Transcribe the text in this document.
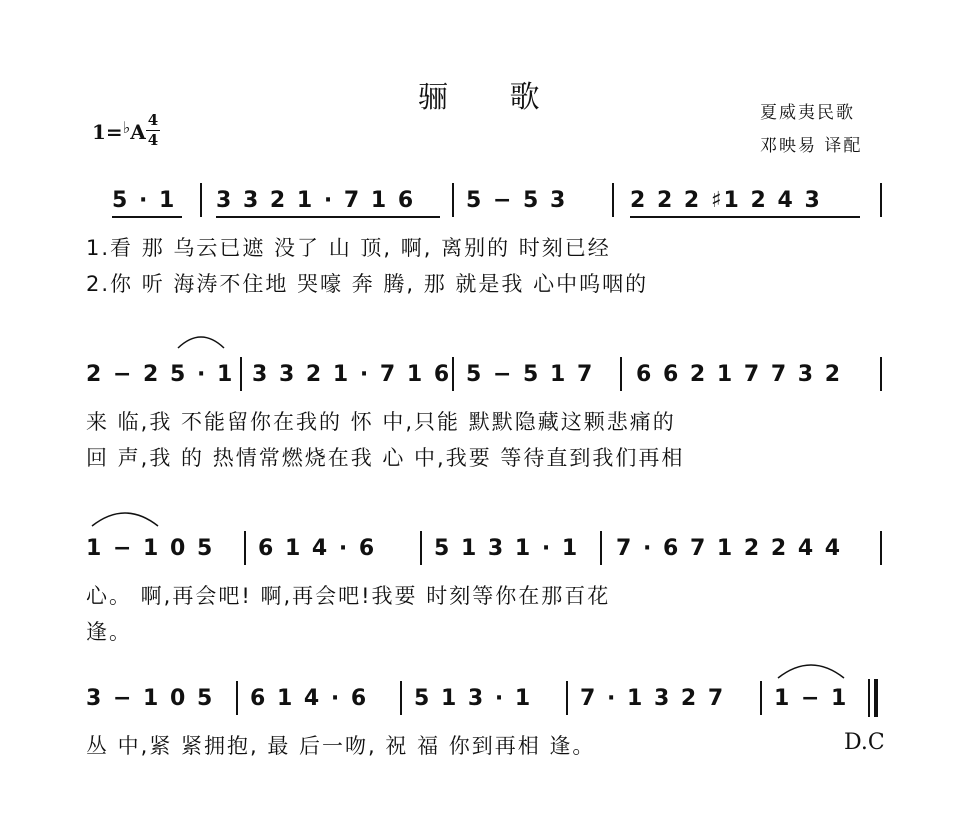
骊 歌	夏威夷民歌
邓映易 译配
1=♭A 4
4
5 · 1 3 3 2 1 · 7 1 6 5 − 5 3	2 2 2 ♯1 2 4 3
1.看 那 乌云已遮 没了 山 顶, 啊, 离别的 时刻已经
2.你 听 海涛不住地 哭嚎 奔 腾, 那 就是我 心中呜咽的
2 − 2 5 · 1 3 3 2 1 · 7 1 6 5 − 5 1 7 6 6 2 1 7 7 3 2
来 临,我 不能留你在我的 怀 中,只能 默默隐藏这颗悲痛的
回 声,我 的 热情常燃烧在我 心 中,我要 等待直到我们再相
1 − 1 0 5 6 1 4 · 6	5 1 3 1 · 1 7 · 6 7 1 2 2 4 4
心。 啊,再会吧! 啊,再会吧!我要 时刻等你在那百花
逢。
3 − 1 0 5 6 1 4 · 6 5 1 3 · 1 7 · 1 3 2 7 1 − 1
丛 中,紧 紧拥抱, 最 后一吻, 祝 福 你到再相 逢。	D.C
